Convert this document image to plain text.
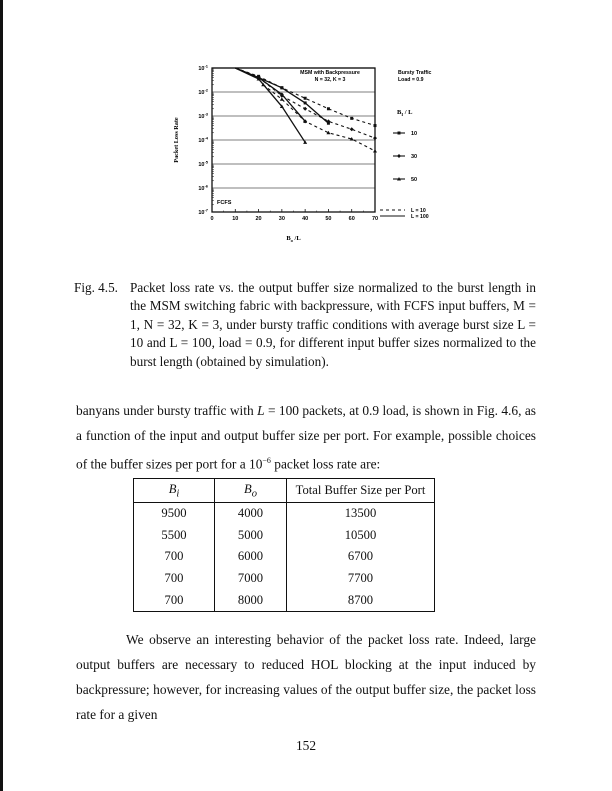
$10^{-1}$
$10^{-2}$
$10^{-3}$
$10^{-4}$
$10^{-5}$
$10^{-6}$
$10^{-7}$
0	10	20	30	40	50	60	70
MSM with Backpressure
N = 32, K = 3
FCFS
Packet Loss Rate
$B_o$ /L
Bursty Traffic
Load = 0.9
$B_I$ / L
10
30
50
L = 10
L = 100
Fig. 4.5. Packet loss rate vs. the output buffer size normalized to the burst length in the MSM switching fabric with backpressure, with FCFS input buffers, M = 1, N = 32, K = 3, under bursty traffic conditions with average burst size L = 10 and L = 100, load = 0.9, for different input buffer sizes normalized to the burst length (obtained by simulation).
banyans under bursty traffic with L = 100 packets, at 0.9 load, is shown in Fig. 4.6, as a function of the input and output buffer size per port. For example, possible choices of the buffer sizes per port for a $10^{-6}$ packet loss rate are:
$B_i$	$B_o$	Total Buffer Size per Port
9500	4000	13500
5500	5000	10500
700	6000	6700
700	7000	7700
700	8000	8700
We observe an interesting behavior of the packet loss rate. Indeed, large output buffers are necessary to reduced HOL blocking at the input induced by backpressure; however, for increasing values of the output buffer size, the packet loss rate for a given
152
